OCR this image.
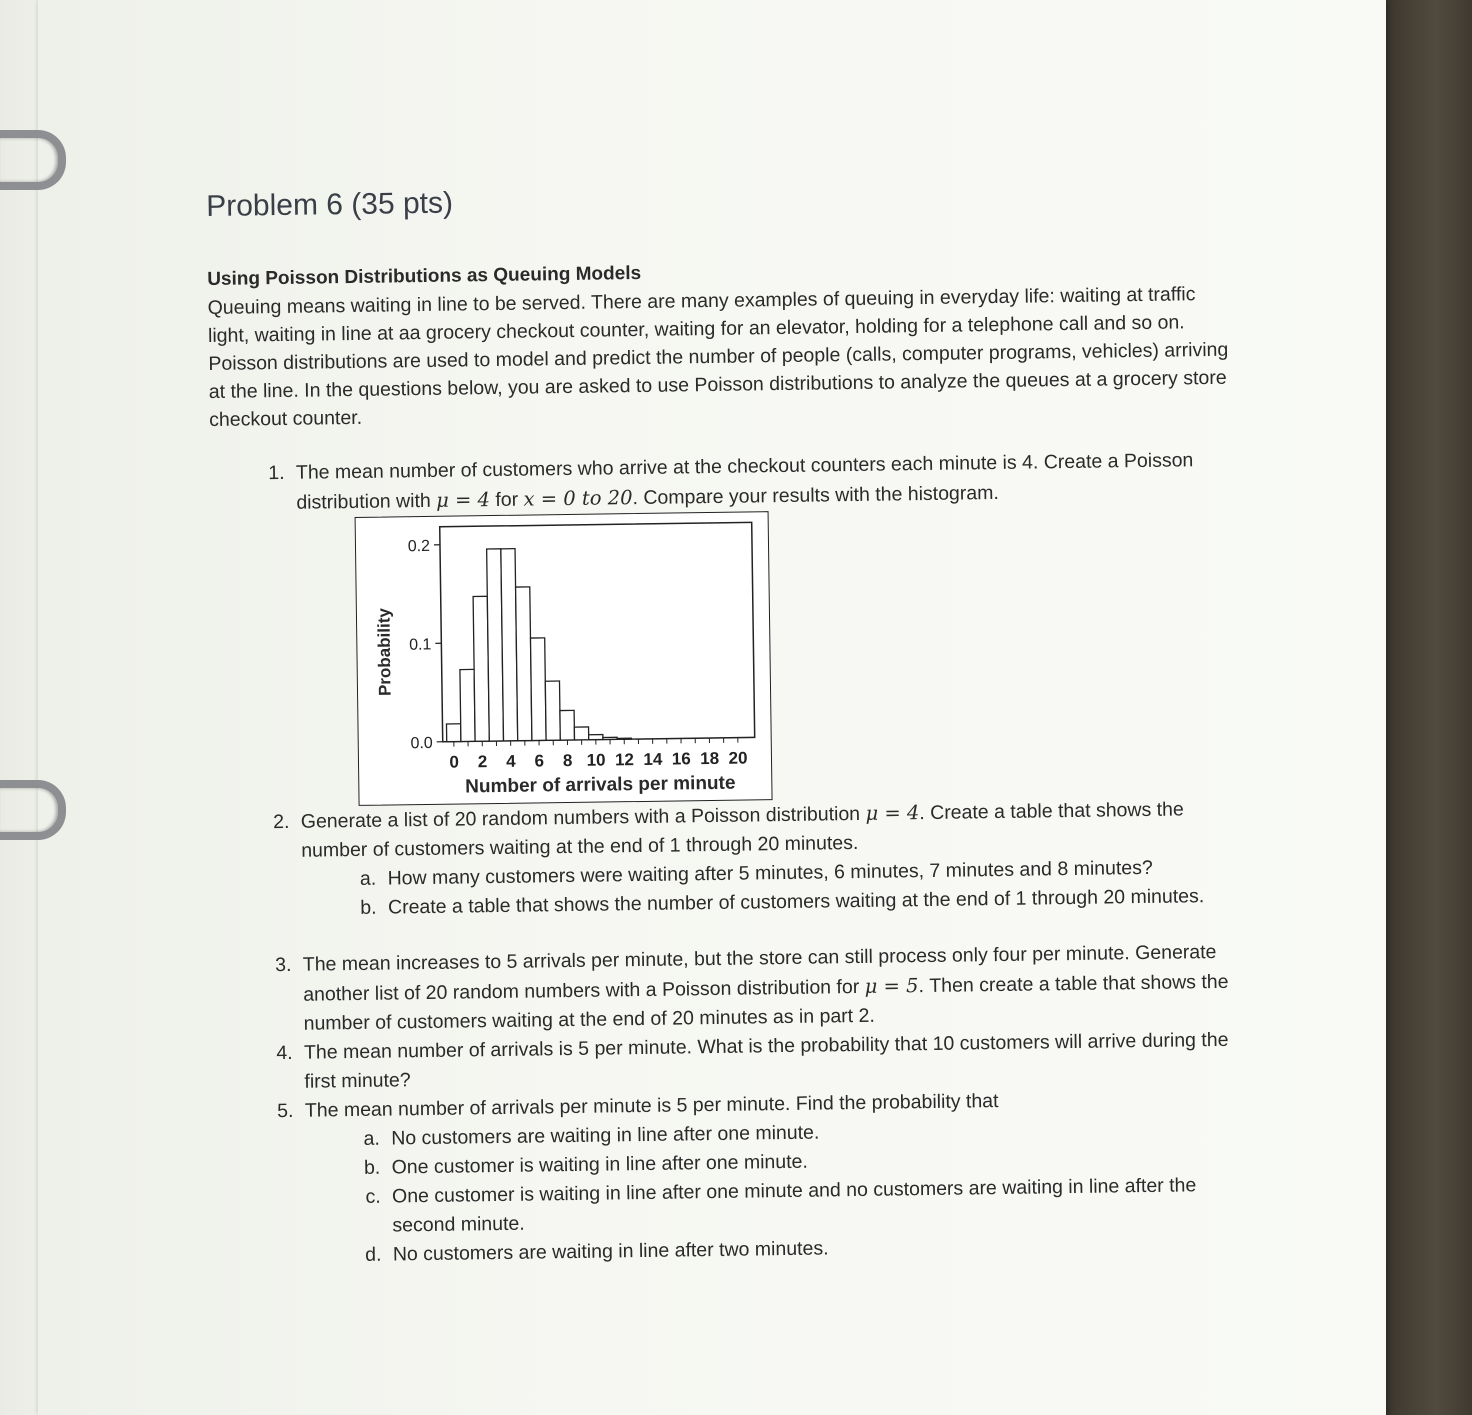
Problem 6 (35 pts)

Using Poisson Distributions as Queuing Models

Queuing means waiting in line to be served. There are many examples of queuing in everyday life: waiting at traffic light, waiting in line at aa grocery checkout counter, waiting for an elevator, holding for a telephone call and so on.

Poisson distributions are used to model and predict the number of people (calls, computer programs, vehicles) arriving at the line. In the questions below, you are asked to use Poisson distributions to analyze the queues at a grocery store checkout counter.

1. The mean number of customers who arrive at the checkout counters each minute is 4. Create a Poisson distribution with μ = 4 for x = 0 to 20. Compare your results with the histogram.
0.0
0.1
0.2
0 2 4 6 8 10 12 14 16 18 20
Probability
Number of arrivals per minute
2. Generate a list of 20 random numbers with a Poisson distribution μ = 4. Create a table that shows the number of customers waiting at the end of 1 through 20 minutes.
a. How many customers were waiting after 5 minutes, 6 minutes, 7 minutes and 8 minutes?
b. Create a table that shows the number of customers waiting at the end of 1 through 20 minutes.
3. The mean increases to 5 arrivals per minute, but the store can still process only four per minute. Generate another list of 20 random numbers with a Poisson distribution for μ = 5. Then create a table that shows the number of customers waiting at the end of 20 minutes as in part 2.
4. The mean number of arrivals is 5 per minute. What is the probability that 10 customers will arrive during the first minute?
5. The mean number of arrivals per minute is 5 per minute. Find the probability that
a. No customers are waiting in line after one minute.
b. One customer is waiting in line after one minute.
c. One customer is waiting in line after one minute and no customers are waiting in line after the second minute.
d. No customers are waiting in line after two minutes.
